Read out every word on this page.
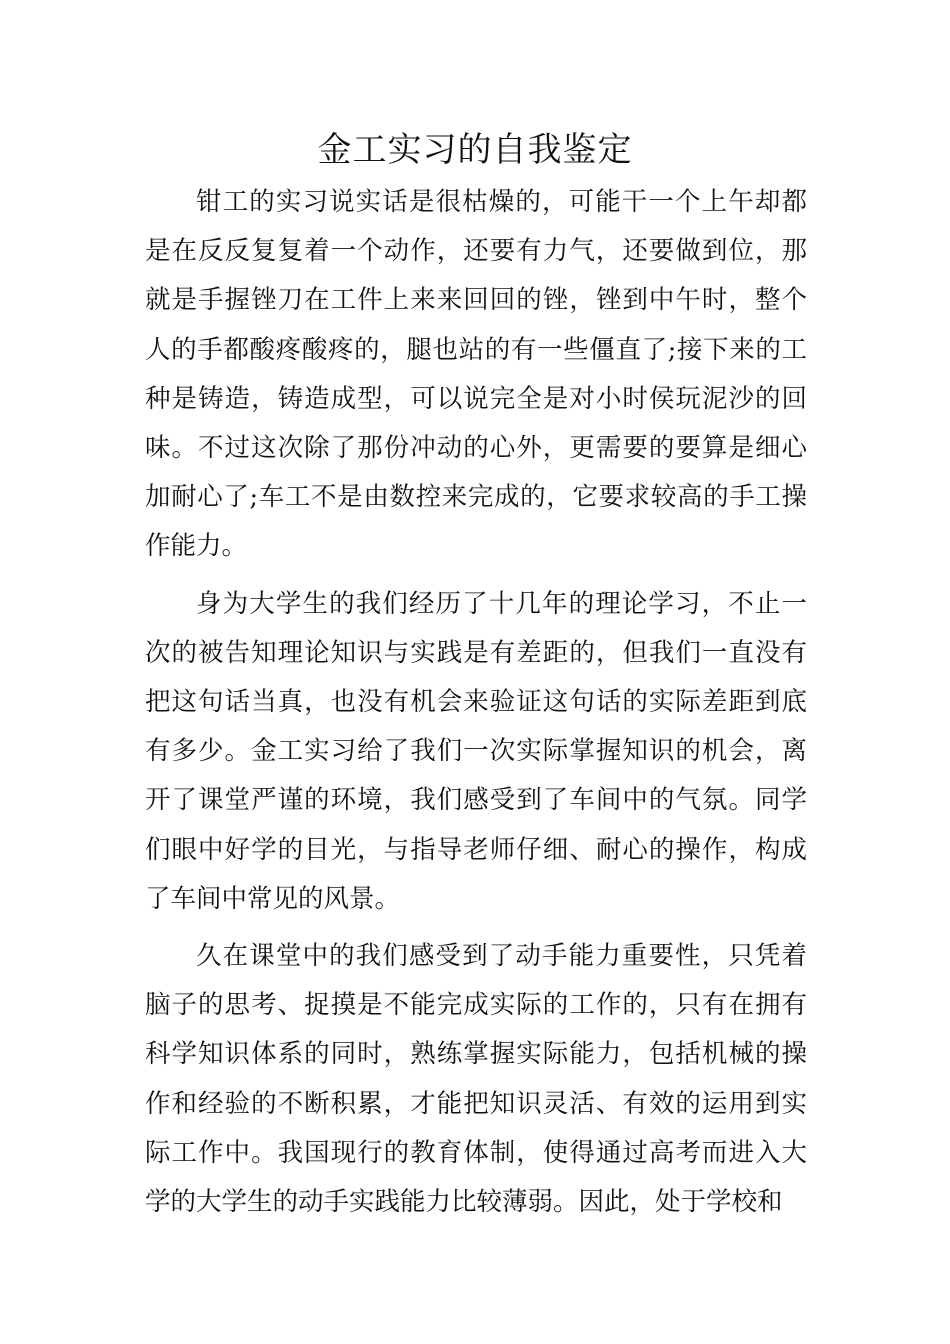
金工实习的自我鉴定

钳工的实习说实话是很枯燥的，可能干一个上午却都是在反反复复着一个动作，还要有力气，还要做到位，那就是手握锉刀在工件上来来回回的锉，锉到中午时，整个人的手都酸疼酸疼的，腿也站的有一些僵直了;接下来的工种是铸造，铸造成型，可以说完全是对小时侯玩泥沙的回味。不过这次除了那份冲动的心外，更需要的要算是细心加耐心了;车工不是由数控来完成的，它要求较高的手工操作能力。

身为大学生的我们经历了十几年的理论学习，不止一次的被告知理论知识与实践是有差距的，但我们一直没有把这句话当真，也没有机会来验证这句话的实际差距到底有多少。金工实习给了我们一次实际掌握知识的机会，离开了课堂严谨的环境，我们感受到了车间中的气氛。同学们眼中好学的目光，与指导老师仔细、耐心的操作，构成了车间中常见的风景。

久在课堂中的我们感受到了动手能力重要性，只凭着脑子的思考、捉摸是不能完成实际的工作的，只有在拥有科学知识体系的同时，熟练掌握实际能力，包括机械的操作和经验的不断积累，才能把知识灵活、有效的运用到实际工作中。我国现行的教育体制，使得通过高考而进入大学的大学生的动手实践能力比较薄弱。因此，处于学校和
